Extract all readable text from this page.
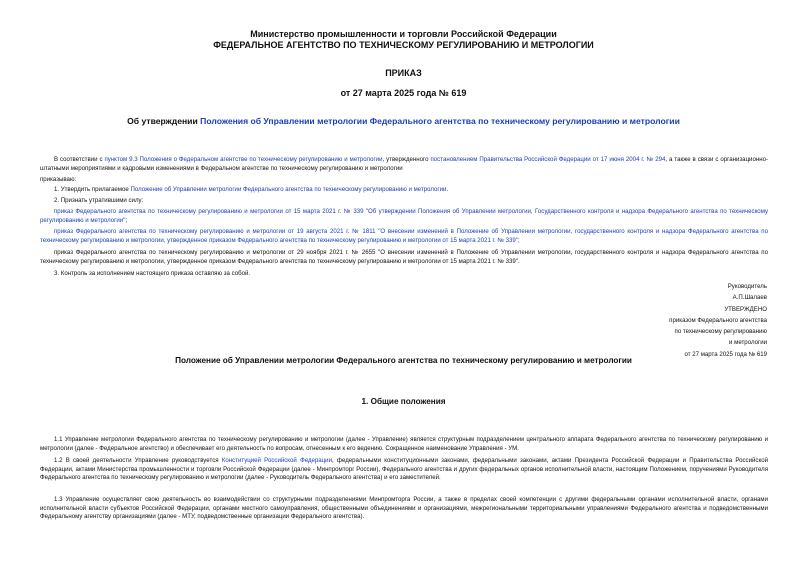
Министерство промышленности и торговли Российской Федерации
ФЕДЕРАЛЬНОЕ АГЕНТСТВО ПО ТЕХНИЧЕСКОМУ РЕГУЛИРОВАНИЮ И МЕТРОЛОГИИ
ПРИКАЗ
от 27 марта 2025 года № 619
Об утверждении Положения об Управлении метрологии Федерального агентства по техническому регулированию и метрологии
В соответствии с пунктом 9.3 Положения о Федеральном агентстве по техническому регулированию и метрологии, утвержденного постановлением Правительства Российской Федерации от 17 июня 2004 г. № 294, а также в связи с организационно-штатными мероприятиями и кадровыми изменениями в Федеральном агентстве по техническому регулированию и метрологии
приказываю:
1. Утвердить прилагаемое Положение об Управлении метрологии Федерального агентства по техническому регулированию и метрологии.
2. Признать утратившими силу:
приказ Федерального агентства по техническому регулированию и метрологии от 15 марта 2021 г. № 339 "Об утверждении Положения об Управлении метрологии, Государственного контроля и надзора Федерального агентства по техническому регулированию и метрологии";
приказ Федерального агентства по техническому регулированию и метрологии от 19 августа 2021 г. № 1811 "О внесении изменений в Положение об Управлении метрологии, государственного контроля и надзора Федерального агентства по техническому регулированию и метрологии, утвержденное приказом Федерального агентства по техническому регулированию и метрологии от 15 марта 2021 г. № 339";
приказ Федерального агентства по техническому регулированию и метрологии от 29 ноября 2021 г. № 2655 "О внесении изменений в Положение об Управлении метрологии, государственного контроля и надзора Федерального агентства по техническому регулированию и метрологии, утвержденное приказом Федерального агентства по техническому регулированию и метрологии от 15 марта 2021 г. № 339".
3. Контроль за исполнением настоящего приказа оставляю за собой.
Руководитель
А.П.Шалаев
УТВЕРЖДЕНО
приказом Федерального агентства
по техническому регулированию
и метрологии
от 27 марта 2025 года № 619
Положение об Управлении метрологии Федерального агентства по техническому регулированию и метрологии
1. Общие положения
1.1 Управление метрологии Федерального агентства по техническому регулированию и метрологии (далее - Управление) является структурным подразделением центрального аппарата Федерального агентства по техническому регулированию и метрологии (далее - Федеральное агентство) и обеспечивает его деятельность по вопросам, отнесенным к его ведению. Сокращенное наименование Управления - УМ.
1.2 В своей деятельности Управление руководствуется Конституцией Российской Федерации, федеральными конституционными законами, федеральными законами, актами Президента Российской Федерации и Правительства Российской Федерации, актами Министерства промышленности и торговли Российской Федерации (далее - Минпромторг России), Федерального агентства и других федеральных органов исполнительной власти, настоящим Положением, поручениями Руководителя Федерального агентства по техническому регулированию и метрологии (далее - Руководитель Федерального агентства) и его заместителей.
1.3 Управление осуществляет свою деятельность во взаимодействии со структурными подразделениями Минпромторга России, а также в пределах своей компетенции с другими федеральными органами исполнительной власти, органами исполнительной власти субъектов Российской Федерации, органами местного самоуправления, общественными объединениями и организациями, межрегиональными территориальными управлениями Федерального агентства и подведомственными Федеральному агентству организациями (далее - МТУ, подведомственные организации Федерального агентства).
